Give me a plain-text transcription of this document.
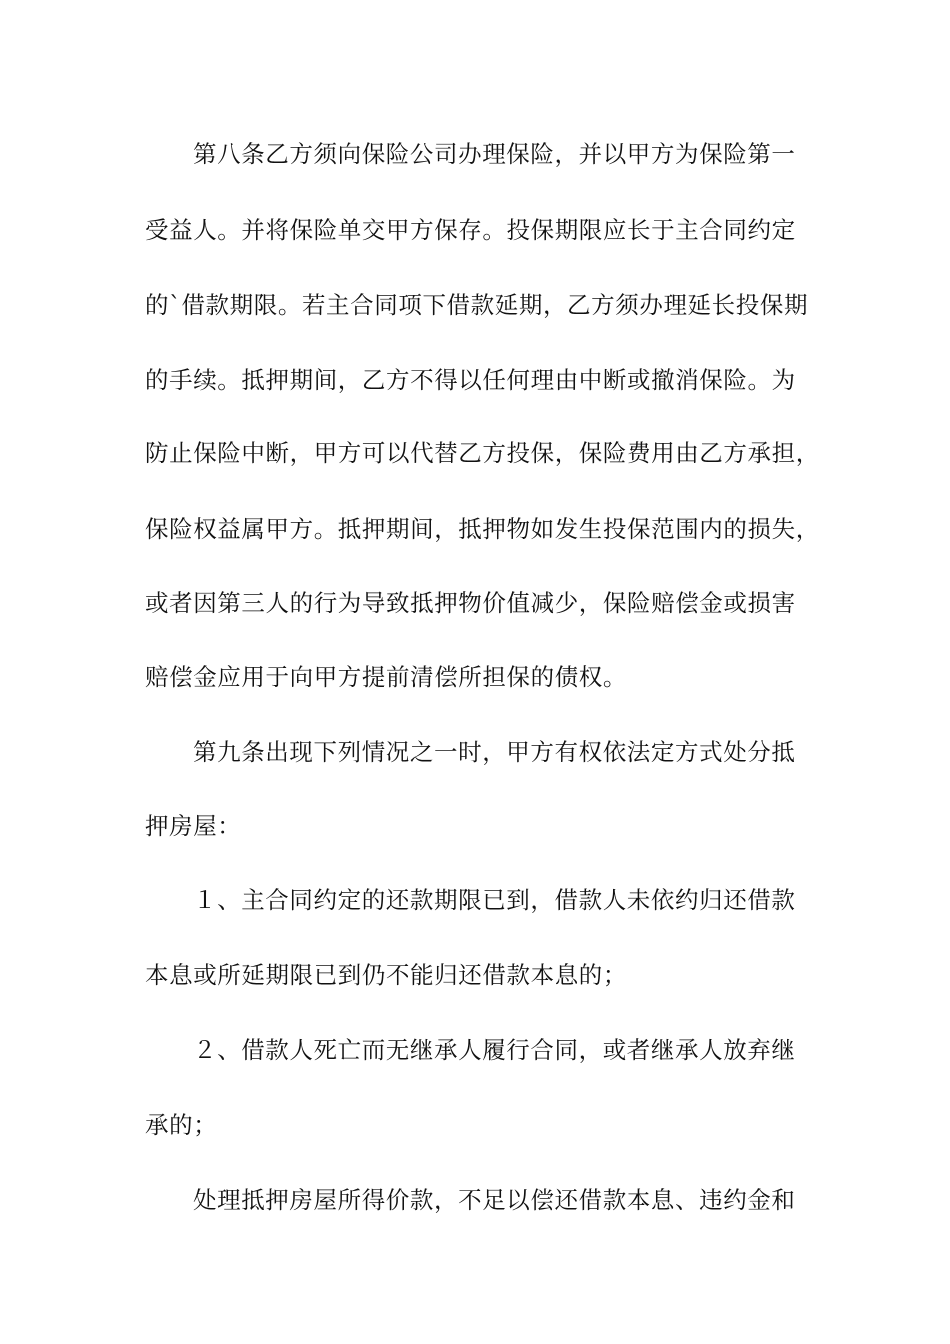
第八条乙方须向保险公司办理保险，并以甲方为保险第一
受益人。并将保险单交甲方保存。投保期限应长于主合同约定
的`借款期限。若主合同项下借款延期，乙方须办理延长投保期
的手续。抵押期间，乙方不得以任何理由中断或撤消保险。为
防止保险中断，甲方可以代替乙方投保，保险费用由乙方承担，
保险权益属甲方。抵押期间，抵押物如发生投保范围内的损失，
或者因第三人的行为导致抵押物价值减少，保险赔偿金或损害
赔偿金应用于向甲方提前清偿所担保的债权。
第九条出现下列情况之一时，甲方有权依法定方式处分抵
押房屋：
１、主合同约定的还款期限已到，借款人未依约归还借款
本息或所延期限已到仍不能归还借款本息的；
２、借款人死亡而无继承人履行合同，或者继承人放弃继
承的；
处理抵押房屋所得价款，不足以偿还借款本息、违约金和
